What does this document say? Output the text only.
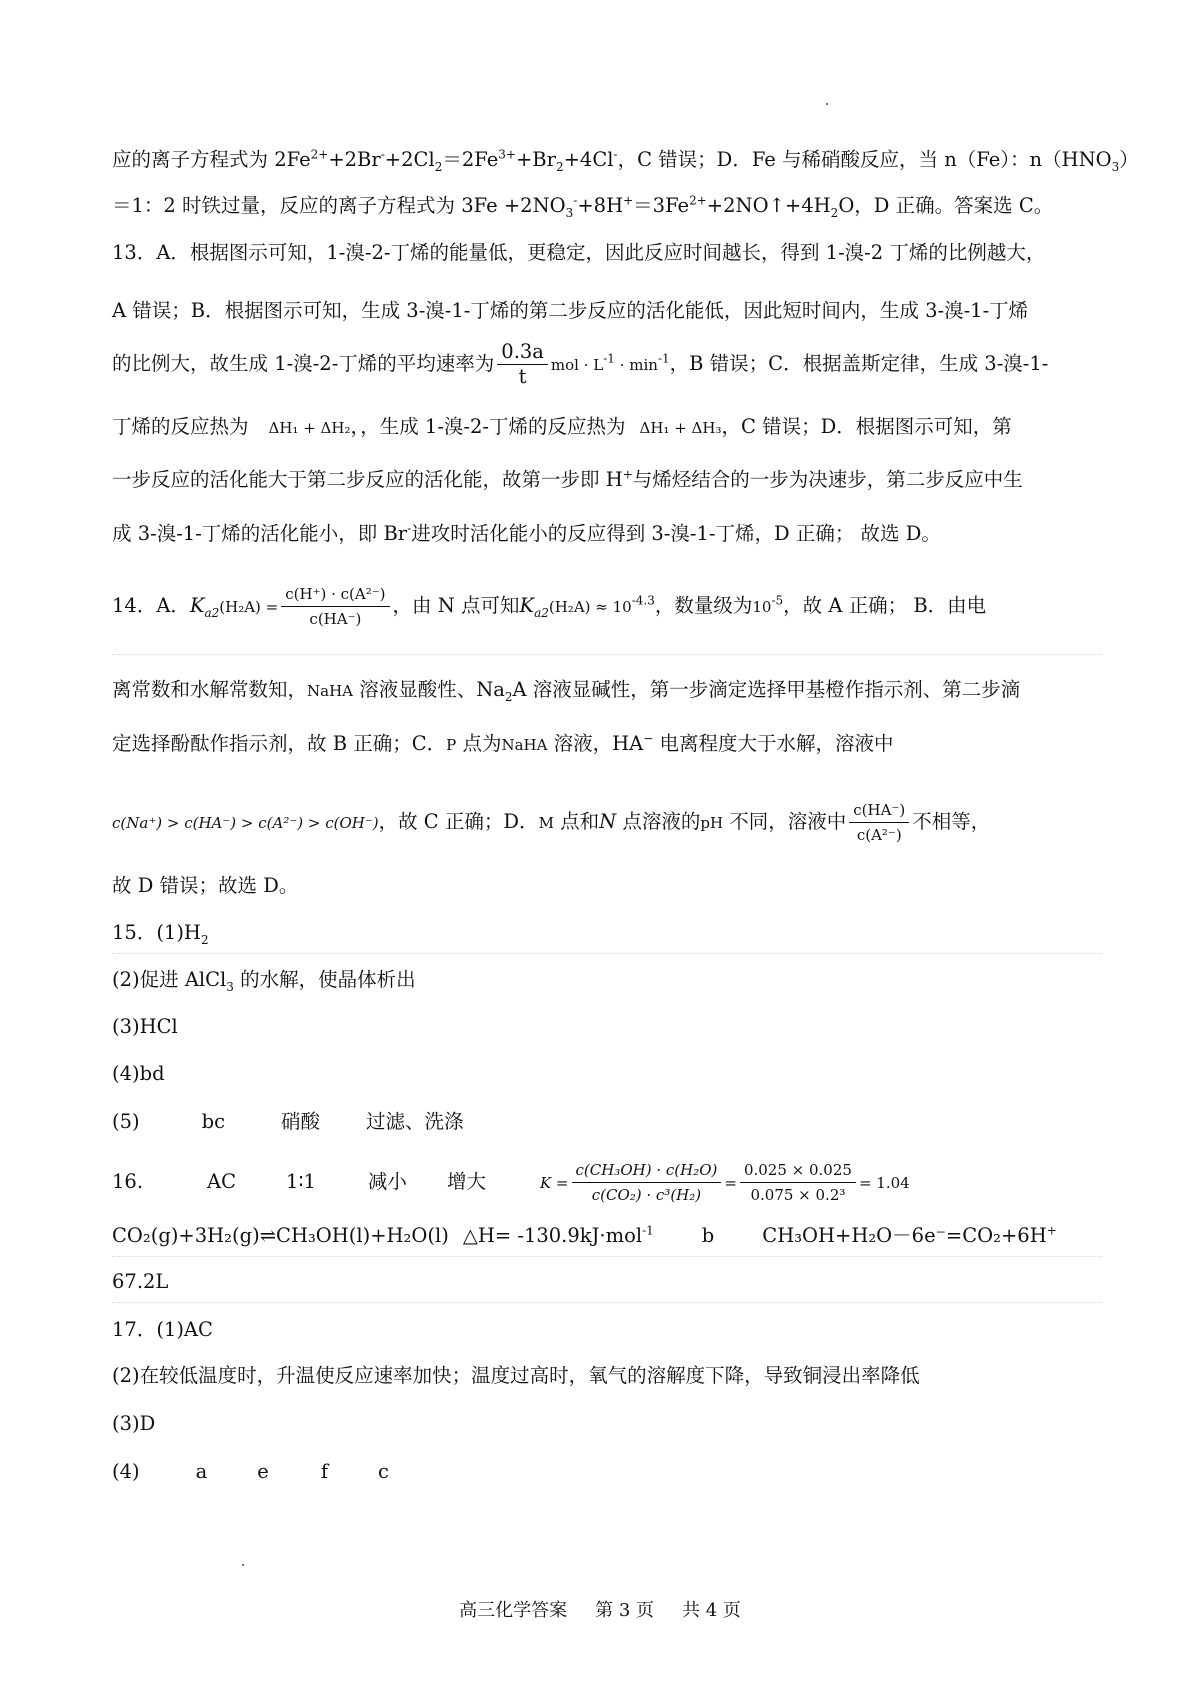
应的离子方程式为 $2Fe^{2+}+2Br^-+2Cl_2=2Fe^{3+}+Br_2+4Cl^-$，C 错误；D．Fe 与稀硝酸反应，当 n（Fe）：$n(HNO_3)$
＝1：2 时铁过量，反应的离子方程式为 $3Fe +2NO_3^-+8H^+=3Fe^{2+}+2NO↑+4H_2O$，D 正确。答案选 C。
13．A．根据图示可知，1-溴-2-丁烯的能量低，更稳定，因此反应时间越长，得到 1-溴-2 丁烯的比例越大，
A 错误；B．根据图示可知，生成 3-溴-1-丁烯的第二步反应的活化能低，因此短时间内，生成 3-溴-1-丁烯
的比例大，故生成 1-溴-2-丁烯的平均速率为 $\frac{0.3a}{t}$ mol · $L^{-1} \cdot \min^{-1}$，B 错误；C．根据盖斯定律，生成 3-溴-1-
丁烯的反应热为 ΔH₁ + ΔH₂，，生成 1-溴-2-丁烯的反应热为 ΔH₁ + ΔH₃，C 错误；D．根据图示可知，第
一步反应的活化能大于第二步反应的活化能，故第一步即 H+与烯烃结合的一步为决速步，第二步反应中生
成 3-溴-1-丁烯的活化能小，即 Br-进攻时活化能小的反应得到 3-溴-1-丁烯，D 正确； 故选 D。
14．A．$K_{a2}(H_2A) = \frac{\text{c(H⁺) · c(A²⁻)}}{c(HA^-)}$ ，由 N 点可知$K_{a2}(H_2A) \approx 10^{-4.3}$，数量级为$10^{-5}$，故 A 正确； B．由电
离常数和水解常数知，NaHA 溶液显酸性、$Na_2A$ 溶液显碱性，第一步滴定选择甲基橙作指示剂、第二步滴
定选择酚酞作指示剂，故 B 正确；C．P 点为NaHA 溶液，HA− 电离程度大于水解，溶液中
c(Na⁺) > c(HA⁻) > c(A²⁻) > c(OH⁻)，故 C 正确；D．M 点和N 点溶液的pH 不同，溶液中 $\frac{c(HA^-)}{\text{c(A²⁻)}}$ 不相等，
故 D 错误；故选 D。
15．$(1)H_2$
(2)促进 AlCl$_3$ 的水解，使晶体析出
(3)HCl
(4)bd
(5)	bc	硝酸 过滤、洗涤
16.	AC	1∶1	减小 增大	$K = \frac{\text{c(CH₃OH) · c(H₂O)}}{\text{c(CO₂) · c³(H₂)}} = \frac{0.025 \times 0.025}{\text{0.075 × 0.2³}} = 1.04$
CO₂(g)+3H₂(g)⇌CH₃OH(l)+H₂O(l) △H= -130.9kJ·mol$^{-1}$ b CH₃OH+H₂O－6e⁻=CO₂+6H+
67.2L
17．(1)AC
(2)在较低温度时，升温使反应速率加快；温度过高时，氧气的溶解度下降，导致铜浸出率降低
(3)D
(4)	a	e	f	c
高三化学答案 第 3 页 共 4 页
